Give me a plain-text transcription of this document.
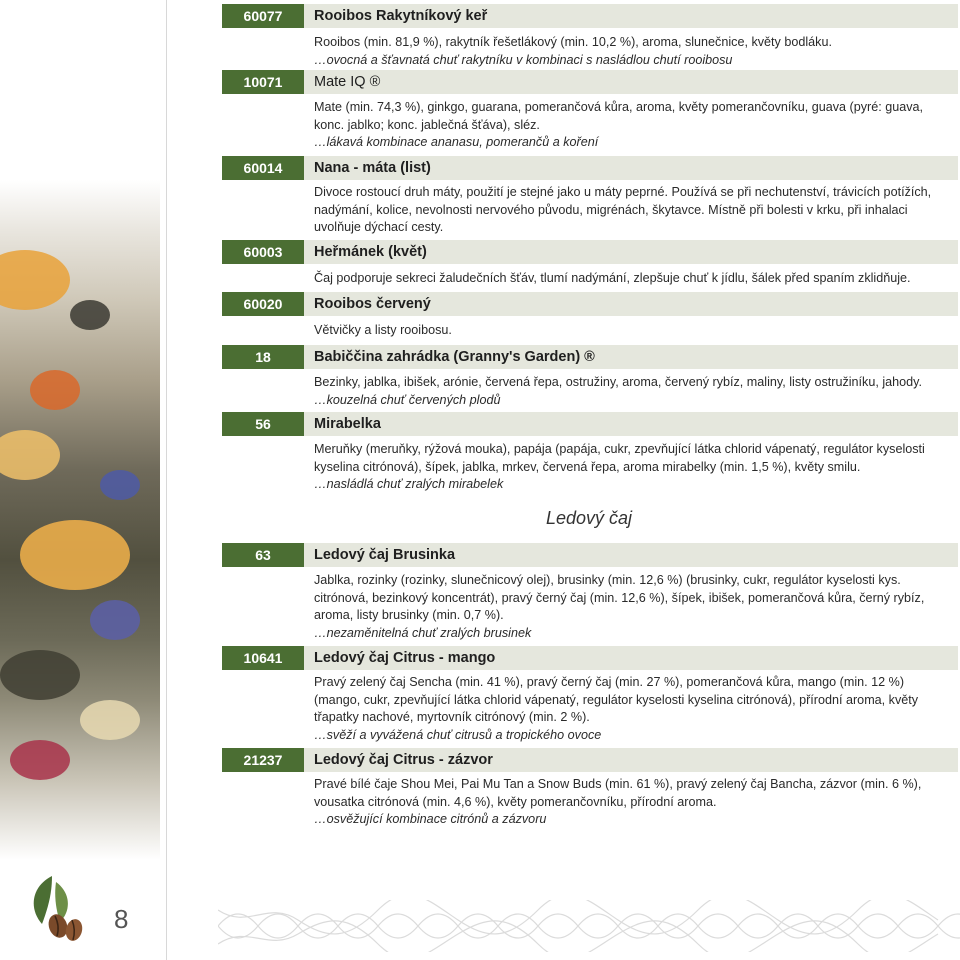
60077	Rooibos Rakytníkový keř
Rooibos (min. 81,9 %), rakytník řešetlákový (min. 10,2 %), aroma, slunečnice, květy bodláku.
…ovocná a šťavnatá chuť rakytníku v kombinaci s nasládlou chutí rooibosu
10071	Mate IQ ®
Mate (min. 74,3 %), ginkgo, guarana, pomerančová kůra, aroma, květy pomerančovníku, guava (pyré: guava, konc. jablko; konc. jablečná šťáva), sléz.
…lákavá kombinace ananasu, pomerančů a koření
60014	Nana - máta (list)
Divoce rostoucí druh máty, použití je stejné jako u máty peprné. Používá se při nechutenství, trávicích potížích, nadýmání, kolice, nevolnosti nervového původu, migrénách, škytavce. Místně při bolesti v krku, při inhalaci uvolňuje dýchací cesty.
60003	Heřmánek (květ)
Čaj podporuje sekreci žaludečních šťáv, tlumí nadýmání, zlepšuje chuť k jídlu, šálek před spaním zklidňuje.
60020	Rooibos červený
Větvičky a listy rooibosu.
18	Babiččina zahrádka (Granny's Garden) ®
Bezinky, jablka, ibišek, arónie, červená řepa, ostružiny, aroma, červený rybíz, maliny, listy ostružiníku, jahody.
…kouzelná chuť červených plodů
56	Mirabelka
Meruňky (meruňky, rýžová mouka), papája (papája, cukr, zpevňující látka chlorid vápenatý, regulátor kyselosti kyselina citrónová), šípek, jablka, mrkev, červená řepa, aroma mirabelky (min. 1,5 %), květy smilu.
…nasládlá chuť zralých mirabelek
Ledový čaj
63	Ledový čaj Brusinka
Jablka, rozinky (rozinky, slunečnicový olej), brusinky (min. 12,6 %) (brusinky, cukr, regulátor kyselosti kys. citrónová, bezinkový koncentrát), pravý černý čaj (min. 12,6 %), šípek, ibišek, pomerančová kůra, černý rybíz, aroma, listy brusinky (min. 0,7 %).
…nezaměnitelná chuť zralých brusinek
10641	Ledový čaj Citrus - mango
Pravý zelený čaj Sencha (min. 41 %), pravý černý čaj (min. 27 %), pomerančová kůra, mango (min. 12 %) (mango, cukr, zpevňující látka chlorid vápenatý, regulátor kyselosti kyselina citrónová), přírodní aroma, květy třapatky nachové, myrtovník citrónový (min. 2 %).
…svěží a vyvážená chuť citrusů a tropického ovoce
21237	Ledový čaj Citrus - zázvor
Pravé bílé čaje Shou Mei, Pai Mu Tan a Snow Buds (min. 61 %), pravý zelený čaj Bancha, zázvor (min. 6 %), vousatka citrónová (min. 4,6 %), květy pomerančovníku, přírodní aroma.
…osvěžující kombinace citrónů a zázvoru
8
